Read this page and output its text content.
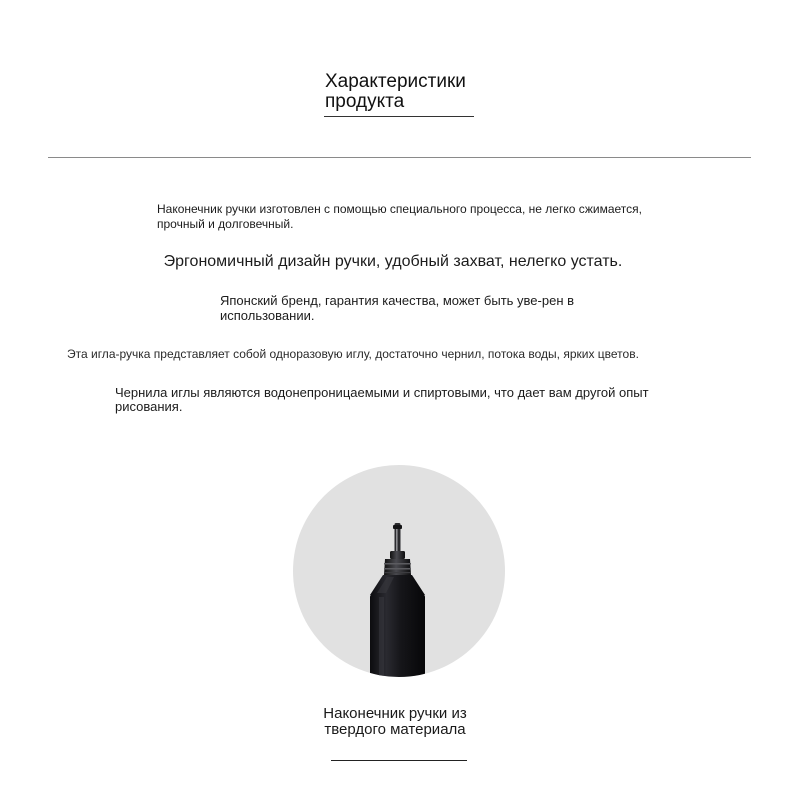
Характеристики продукта

Наконечник ручки изготовлен с помощью специального процесса, не легко сжимается, прочный и долговечный.

Эргономичный дизайн ручки, удобный захват, нелегко устать.

Японский бренд, гарантия качества, может быть уве-рен в использовании.

Эта игла-ручка представляет собой одноразовую иглу, достаточно чернил, потока воды, ярких цветов.

Чернила иглы являются водонепроницаемыми и спиртовыми, что дает вам другой опыт рисования.

Наконечник ручки из твердого материала
